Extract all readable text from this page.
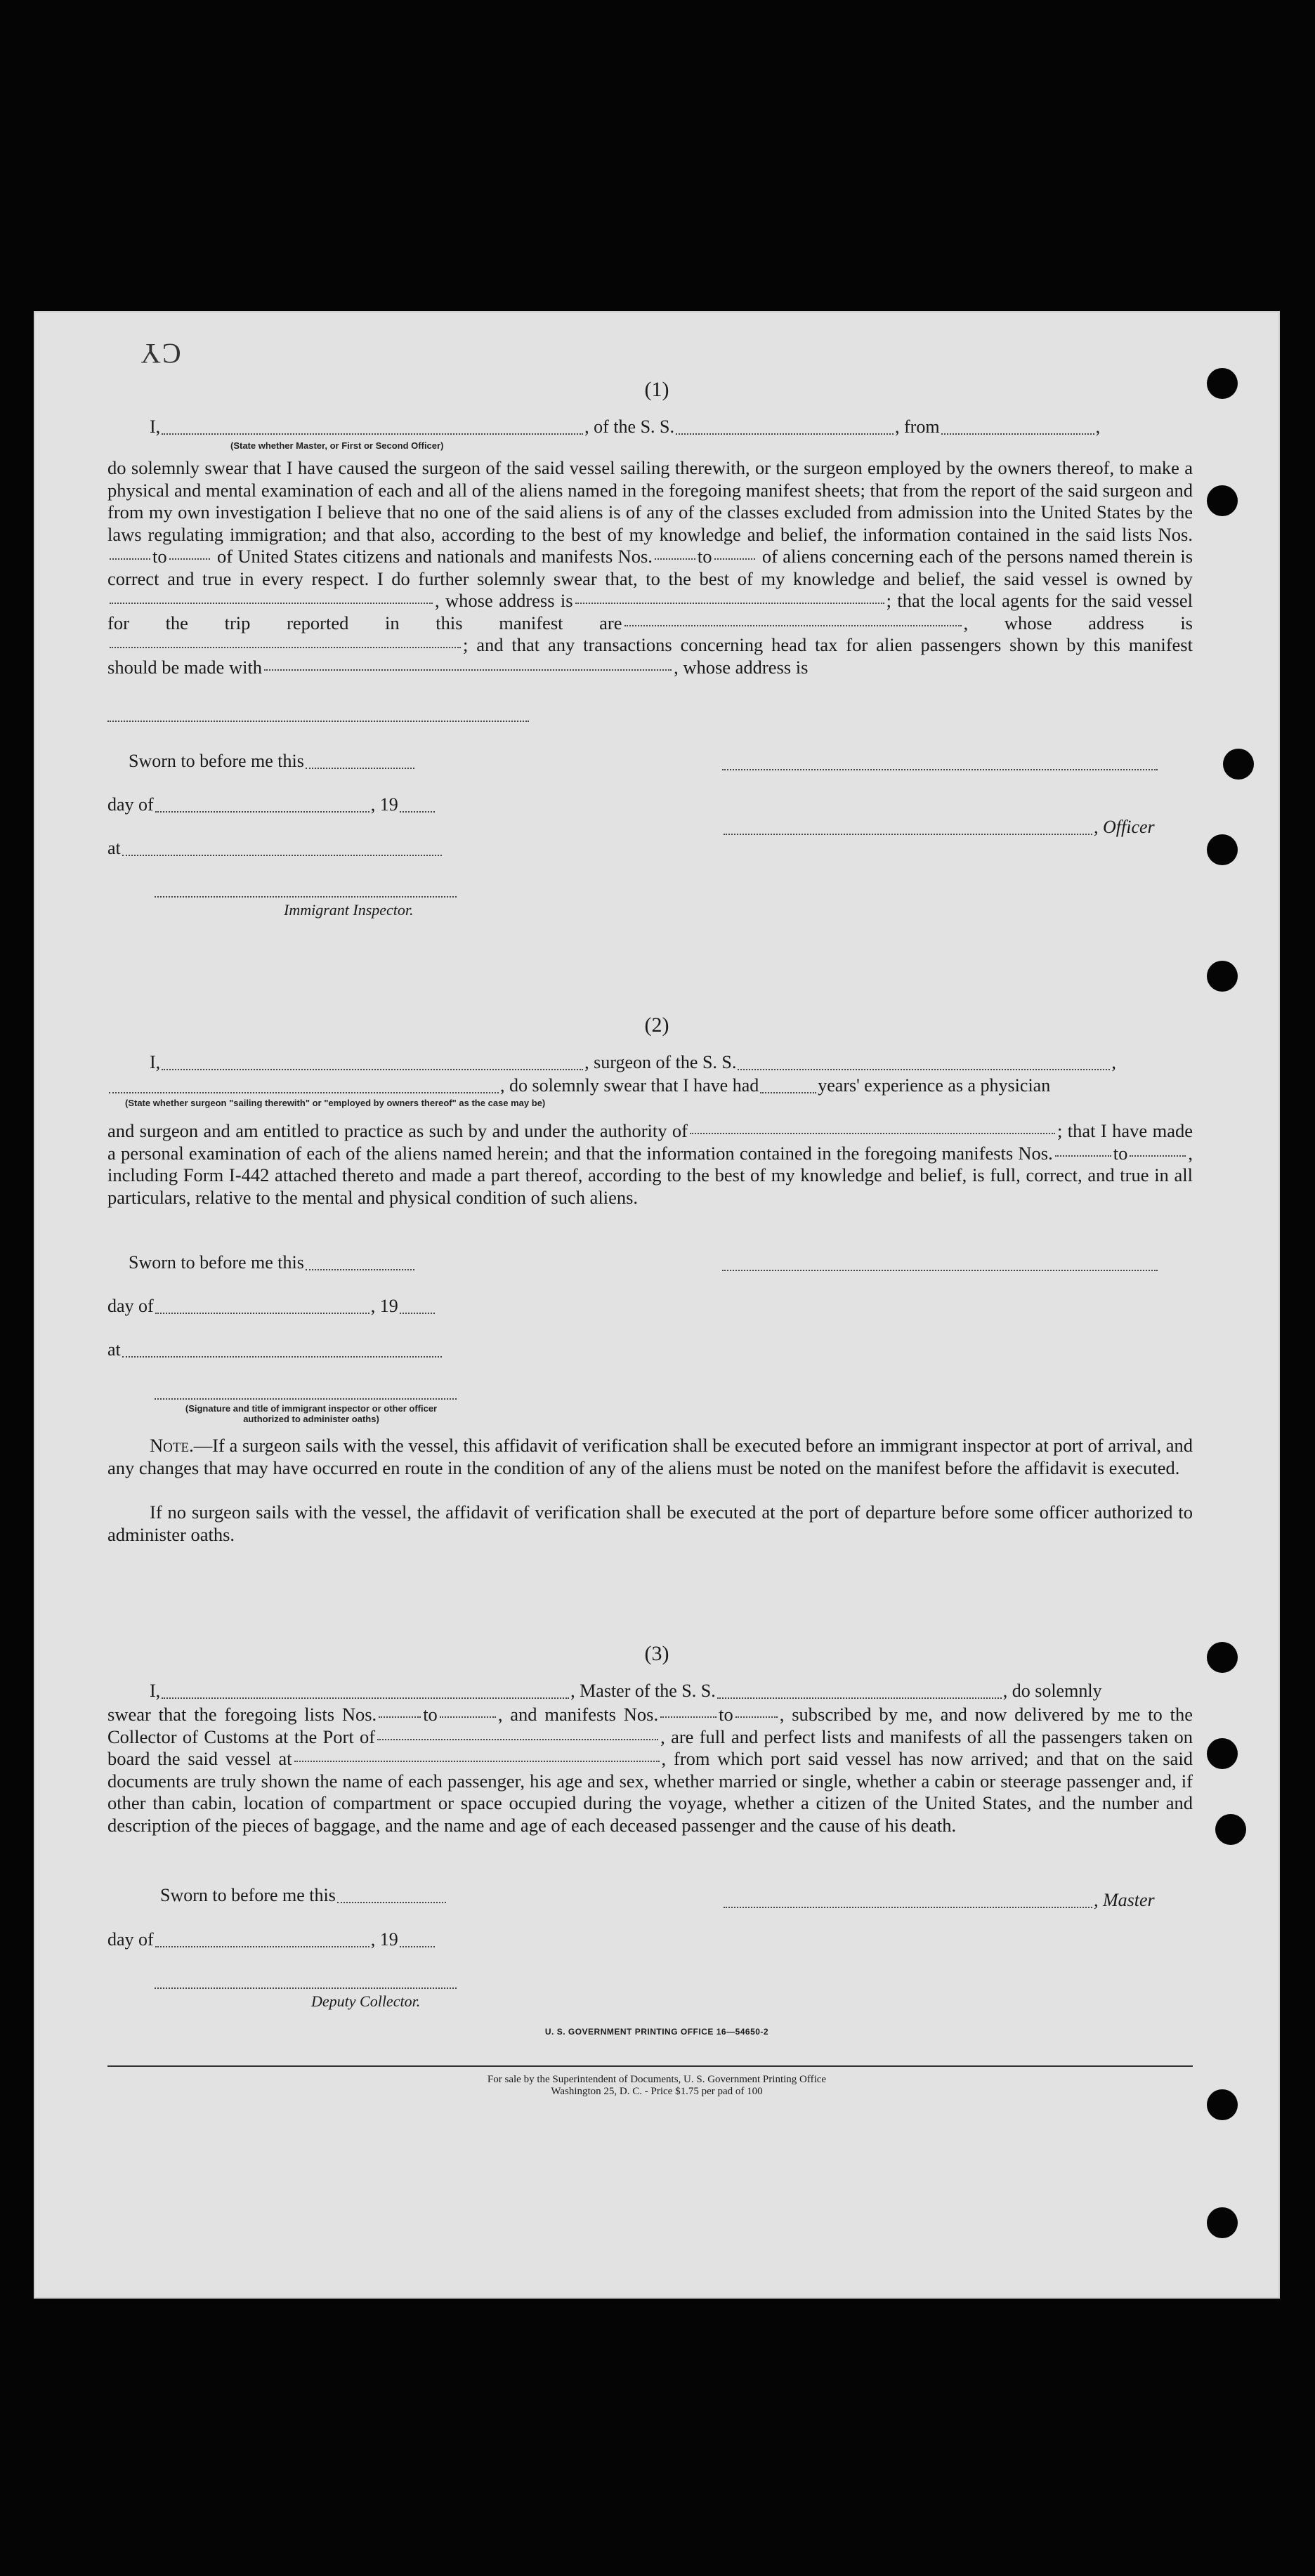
CY
(1)
I,	, of the S. S.	, from	,
(State whether Master, or First or Second Officer)
do solemnly swear that I have caused the surgeon of the said vessel sailing therewith, or the surgeon employed by the owners thereof, to make a physical and mental examination of each and all of the aliens named in the foregoing manifest sheets; that from the report of the said surgeon and from my own investigation I believe that no one of the said aliens is of any of the classes excluded from admission into the United States by the laws regulating immigration; and that also, according to the best of my knowledge and belief, the information contained in the said lists Nos.to	of United States citizens and nationals and manifests Nos. to	of aliens concerning each of the persons named therein is correct and true in every respect. I do further solemnly swear that, to the best of my knowledge and belief, the said vessel is owned by, whose address is	; that the local agents for the said vessel for the trip reported in this manifest are	, whose address is; and that any transactions concerning head tax for alien passengers shown by this manifest should be made with	, whose address is
Sworn to before me this
day of	, 19
, Officer
at
Immigrant Inspector.
(2)
I,	, surgeon of the S. S.	,
, do solemnly swear that I have had	years' experience as a physician
(State whether surgeon "sailing therewith" or "employed by owners thereof" as the case may be)
and surgeon and am entitled to practice as such by and under the authority of	; that I have made a personal examination of each of the aliens named herein; and that the information contained in the foregoing manifests Nos.	to	, including Form I-442 attached thereto and made a part thereof, according to the best of my knowledge and belief, is full, correct, and true in all particulars, relative to the mental and physical condition of such aliens.
Sworn to before me this
day of	, 19
at
(Signature and title of immigrant inspector or other officer authorized to administer oaths)
Note.—If a surgeon sails with the vessel, this affidavit of verification shall be executed before an immigrant inspector at port of arrival, and any changes that may have occurred en route in the condition of any of the aliens must be noted on the manifest before the affidavit is executed.
If no surgeon sails with the vessel, the affidavit of verification shall be executed at the port of departure before some officer authorized to administer oaths.
(3)
I,	, Master of the S. S.	, do solemnly
swear that the foregoing lists Nos. to	, and manifests Nos.	to , subscribed by me, and now delivered by me to the Collector of Customs at the Port of	, are full and perfect lists and manifests of all the passengers taken on board the said vessel at	, from which port said vessel has now arrived; and that on the said documents are truly shown the name of each passenger, his age and sex, whether married or single, whether a cabin or steerage passenger and, if other than cabin, location of compartment or space occupied during the voyage, whether a citizen of the United States, and the number and description of the pieces of baggage, and the name and age of each deceased passenger and the cause of his death.
Sworn to before me this	, Master
day of	, 19
Deputy Collector.
U. S. GOVERNMENT PRINTING OFFICE 16—54650-2
For sale by the Superintendent of Documents, U. S. Government Printing Office
Washington 25, D. C. - Price $1.75 per pad of 100
